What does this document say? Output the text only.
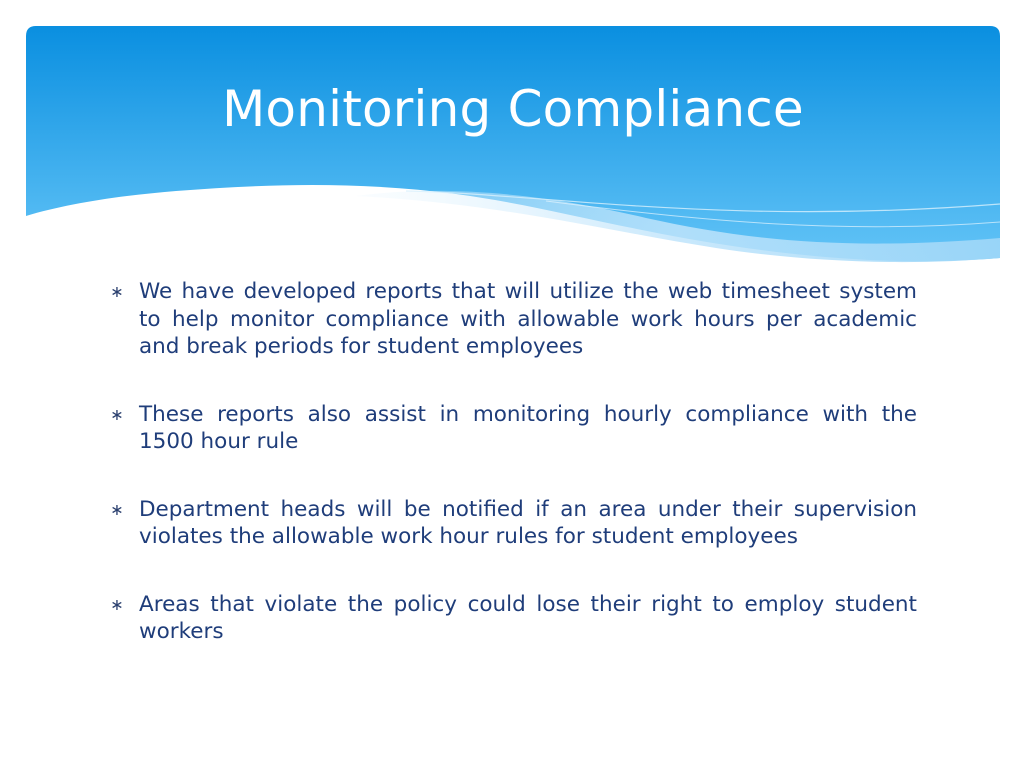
Monitoring Compliance
∗ We have developed reports that will utilize the web timesheet system to help monitor compliance with allowable work hours per academic and break periods for student employees
∗ These reports also assist in monitoring hourly compliance with the 1500 hour rule
∗ Department heads will be notified if an area under their supervision violates the allowable work hour rules for student employees
∗ Areas that violate the policy could lose their right to employ student workers
